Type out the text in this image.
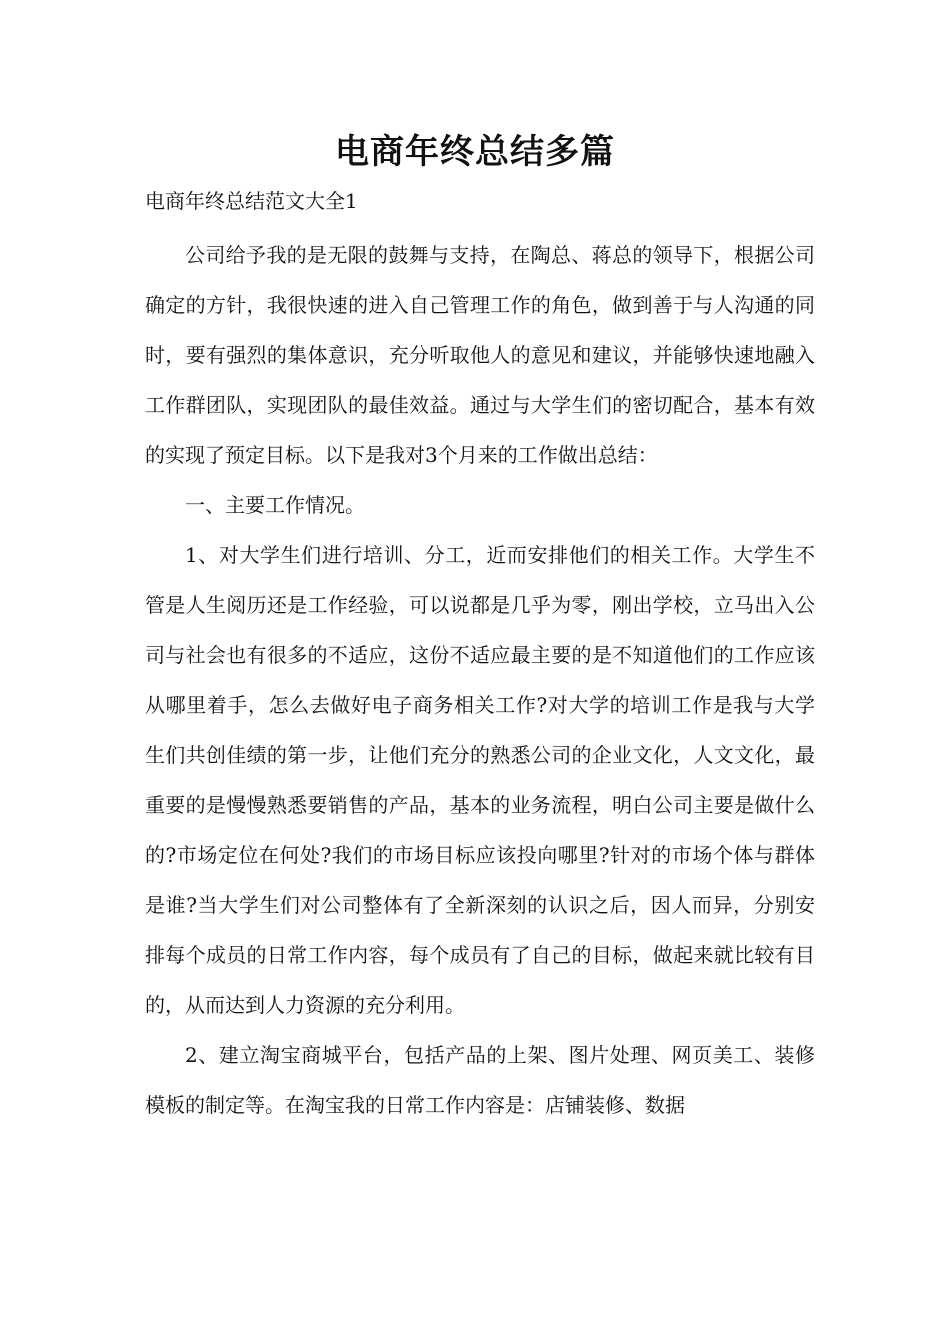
电商年终总结多篇

电商年终总结范文大全1

公司给予我的是无限的鼓舞与支持，在陶总、蒋总的领导下，根据公司确定的方针，我很快速的进入自己管理工作的角色，做到善于与人沟通的同时，要有强烈的集体意识，充分听取他人的意见和建议，并能够快速地融入工作群团队，实现团队的最佳效益。通过与大学生们的密切配合，基本有效的实现了预定目标。以下是我对3个月来的工作做出总结：

一、主要工作情况。

1、对大学生们进行培训、分工，近而安排他们的相关工作。大学生不管是人生阅历还是工作经验，可以说都是几乎为零，刚出学校，立马出入公司与社会也有很多的不适应，这份不适应最主要的是不知道他们的工作应该从哪里着手，怎么去做好电子商务相关工作?对大学的培训工作是我与大学生们共创佳绩的第一步，让他们充分的熟悉公司的企业文化，人文文化，最重要的是慢慢熟悉要销售的产品，基本的业务流程，明白公司主要是做什么的?市场定位在何处?我们的市场目标应该投向哪里?针对的市场个体与群体是谁?当大学生们对公司整体有了全新深刻的认识之后，因人而异，分别安排每个成员的日常工作内容，每个成员有了自己的目标，做起来就比较有目的，从而达到人力资源的充分利用。

2、建立淘宝商城平台，包括产品的上架、图片处理、网页美工、装修模板的制定等。在淘宝我的日常工作内容是：店铺装修、数据
